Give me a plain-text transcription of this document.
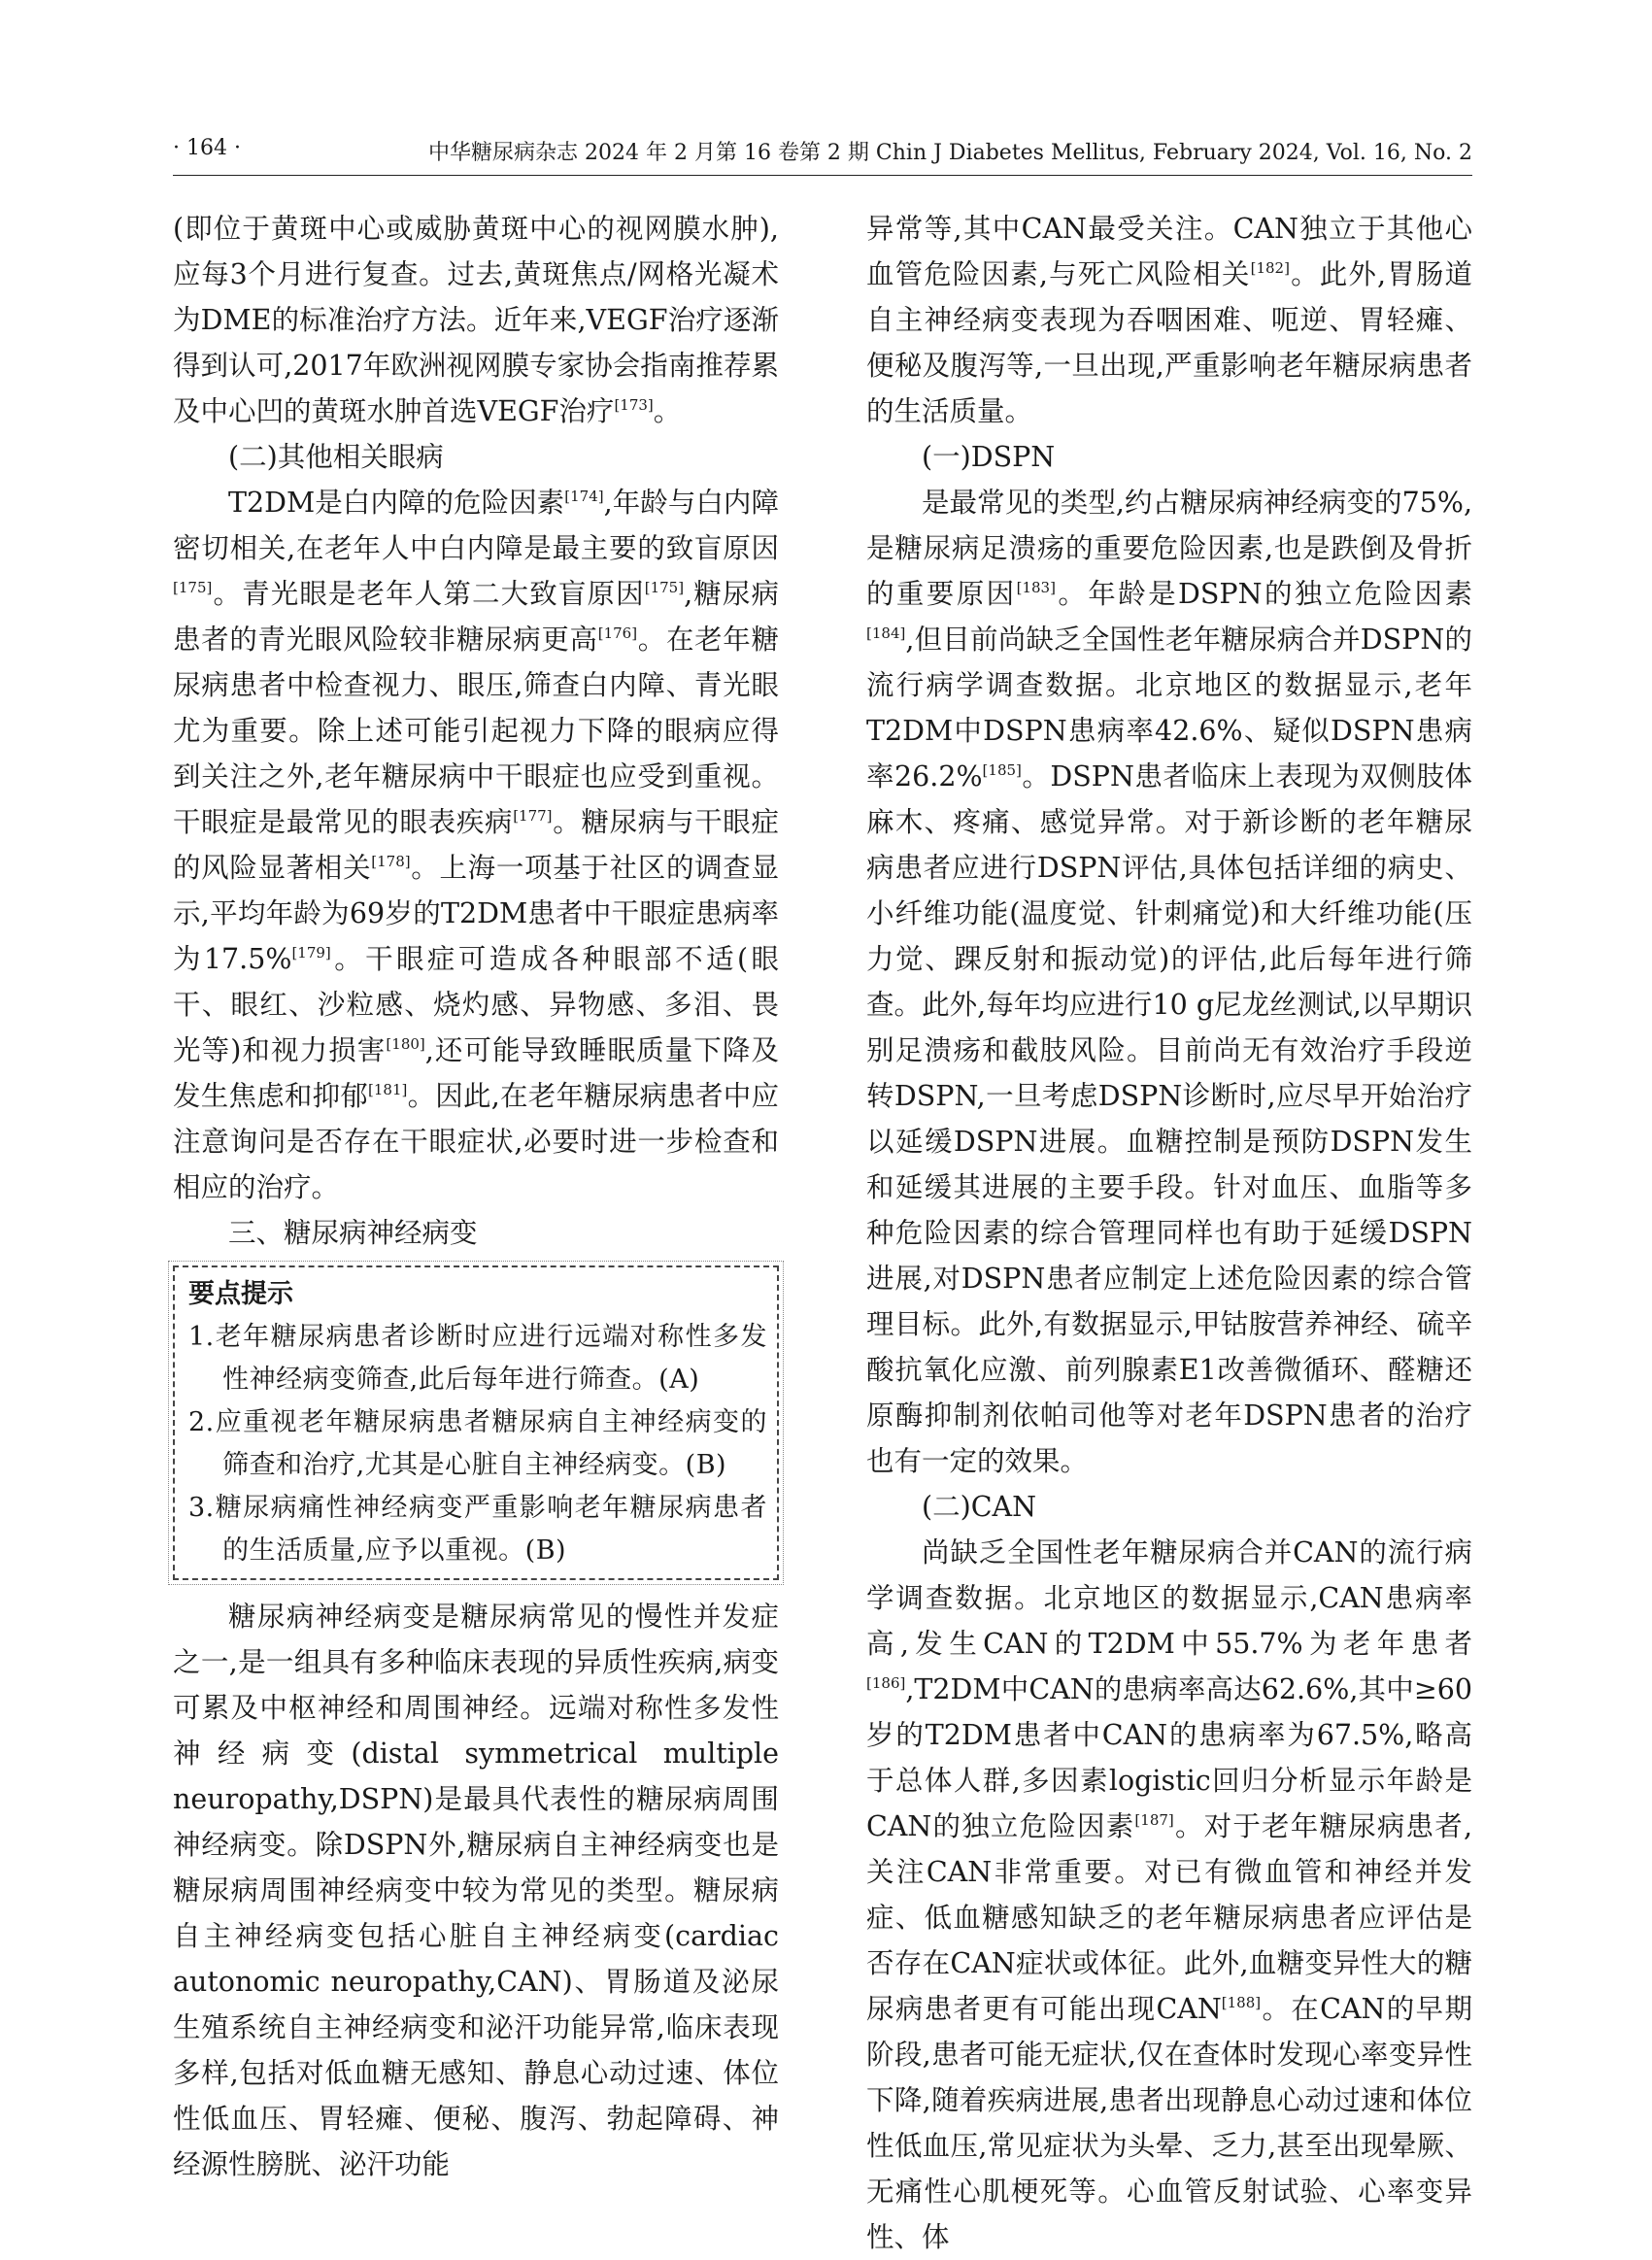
· 164 ·	中华糖尿病杂志 2024 年 2 月第 16 卷第 2 期 Chin J Diabetes Mellitus, February 2024, Vol. 16, No. 2

(即位于黄斑中心或威胁黄斑中心的视网膜水肿),应每3个月进行复查。过去,黄斑焦点/网格光凝术为DME的标准治疗方法。近年来,VEGF治疗逐渐得到认可,2017年欧洲视网膜专家协会指南推荐累及中心凹的黄斑水肿首选VEGF治疗[173]。

(二)其他相关眼病

T2DM是白内障的危险因素[174],年龄与白内障密切相关,在老年人中白内障是最主要的致盲原因[175]。青光眼是老年人第二大致盲原因[175],糖尿病患者的青光眼风险较非糖尿病更高[176]。在老年糖尿病患者中检查视力、眼压,筛查白内障、青光眼尤为重要。除上述可能引起视力下降的眼病应得到关注之外,老年糖尿病中干眼症也应受到重视。干眼症是最常见的眼表疾病[177]。糖尿病与干眼症的风险显著相关[178]。上海一项基于社区的调查显示,平均年龄为69岁的T2DM患者中干眼症患病率为17.5%[179]。干眼症可造成各种眼部不适(眼干、眼红、沙粒感、烧灼感、异物感、多泪、畏光等)和视力损害[180],还可能导致睡眠质量下降及发生焦虑和抑郁[181]。因此,在老年糖尿病患者中应注意询问是否存在干眼症状,必要时进一步检查和相应的治疗。

三、糖尿病神经病变

要点提示
1.老年糖尿病患者诊断时应进行远端对称性多发性神经病变筛查,此后每年进行筛查。(A)
2.应重视老年糖尿病患者糖尿病自主神经病变的筛查和治疗,尤其是心脏自主神经病变。(B)
3.糖尿病痛性神经病变严重影响老年糖尿病患者的生活质量,应予以重视。(B)

糖尿病神经病变是糖尿病常见的慢性并发症之一,是一组具有多种临床表现的异质性疾病,病变可累及中枢神经和周围神经。远端对称性多发性神经病变(distal symmetrical multiple neuropathy,DSPN)是最具代表性的糖尿病周围神经病变。除DSPN外,糖尿病自主神经病变也是糖尿病周围神经病变中较为常见的类型。糖尿病自主神经病变包括心脏自主神经病变(cardiac autonomic neuropathy,CAN)、胃肠道及泌尿生殖系统自主神经病变和泌汗功能异常,临床表现多样,包括对低血糖无感知、静息心动过速、体位性低血压、胃轻瘫、便秘、腹泻、勃起障碍、神经源性膀胱、泌汗功能

异常等,其中CAN最受关注。CAN独立于其他心血管危险因素,与死亡风险相关[182]。此外,胃肠道自主神经病变表现为吞咽困难、呃逆、胃轻瘫、便秘及腹泻等,一旦出现,严重影响老年糖尿病患者的生活质量。

(一)DSPN

是最常见的类型,约占糖尿病神经病变的75%,是糖尿病足溃疡的重要危险因素,也是跌倒及骨折的重要原因[183]。年龄是DSPN的独立危险因素[184],但目前尚缺乏全国性老年糖尿病合并DSPN的流行病学调查数据。北京地区的数据显示,老年T2DM中DSPN患病率42.6%、疑似DSPN患病率26.2%[185]。DSPN患者临床上表现为双侧肢体麻木、疼痛、感觉异常。对于新诊断的老年糖尿病患者应进行DSPN评估,具体包括详细的病史、小纤维功能(温度觉、针刺痛觉)和大纤维功能(压力觉、踝反射和振动觉)的评估,此后每年进行筛查。此外,每年均应进行10 g尼龙丝测试,以早期识别足溃疡和截肢风险。目前尚无有效治疗手段逆转DSPN,一旦考虑DSPN诊断时,应尽早开始治疗以延缓DSPN进展。血糖控制是预防DSPN发生和延缓其进展的主要手段。针对血压、血脂等多种危险因素的综合管理同样也有助于延缓DSPN进展,对DSPN患者应制定上述危险因素的综合管理目标。此外,有数据显示,甲钴胺营养神经、硫辛酸抗氧化应激、前列腺素E1改善微循环、醛糖还原酶抑制剂依帕司他等对老年DSPN患者的治疗也有一定的效果。

(二)CAN

尚缺乏全国性老年糖尿病合并CAN的流行病学调查数据。北京地区的数据显示,CAN患病率高,发生CAN的T2DM中55.7%为老年患者[186],T2DM中CAN的患病率高达62.6%,其中≥60岁的T2DM患者中CAN的患病率为67.5%,略高于总体人群,多因素logistic回归分析显示年龄是CAN的独立危险因素[187]。对于老年糖尿病患者,关注CAN非常重要。对已有微血管和神经并发症、低血糖感知缺乏的老年糖尿病患者应评估是否存在CAN症状或体征。此外,血糖变异性大的糖尿病患者更有可能出现CAN[188]。在CAN的早期阶段,患者可能无症状,仅在查体时发现心率变异性下降,随着疾病进展,患者出现静息心动过速和体位性低血压,常见症状为头晕、乏力,甚至出现晕厥、无痛性心肌梗死等。心血管反射试验、心率变异性、体
